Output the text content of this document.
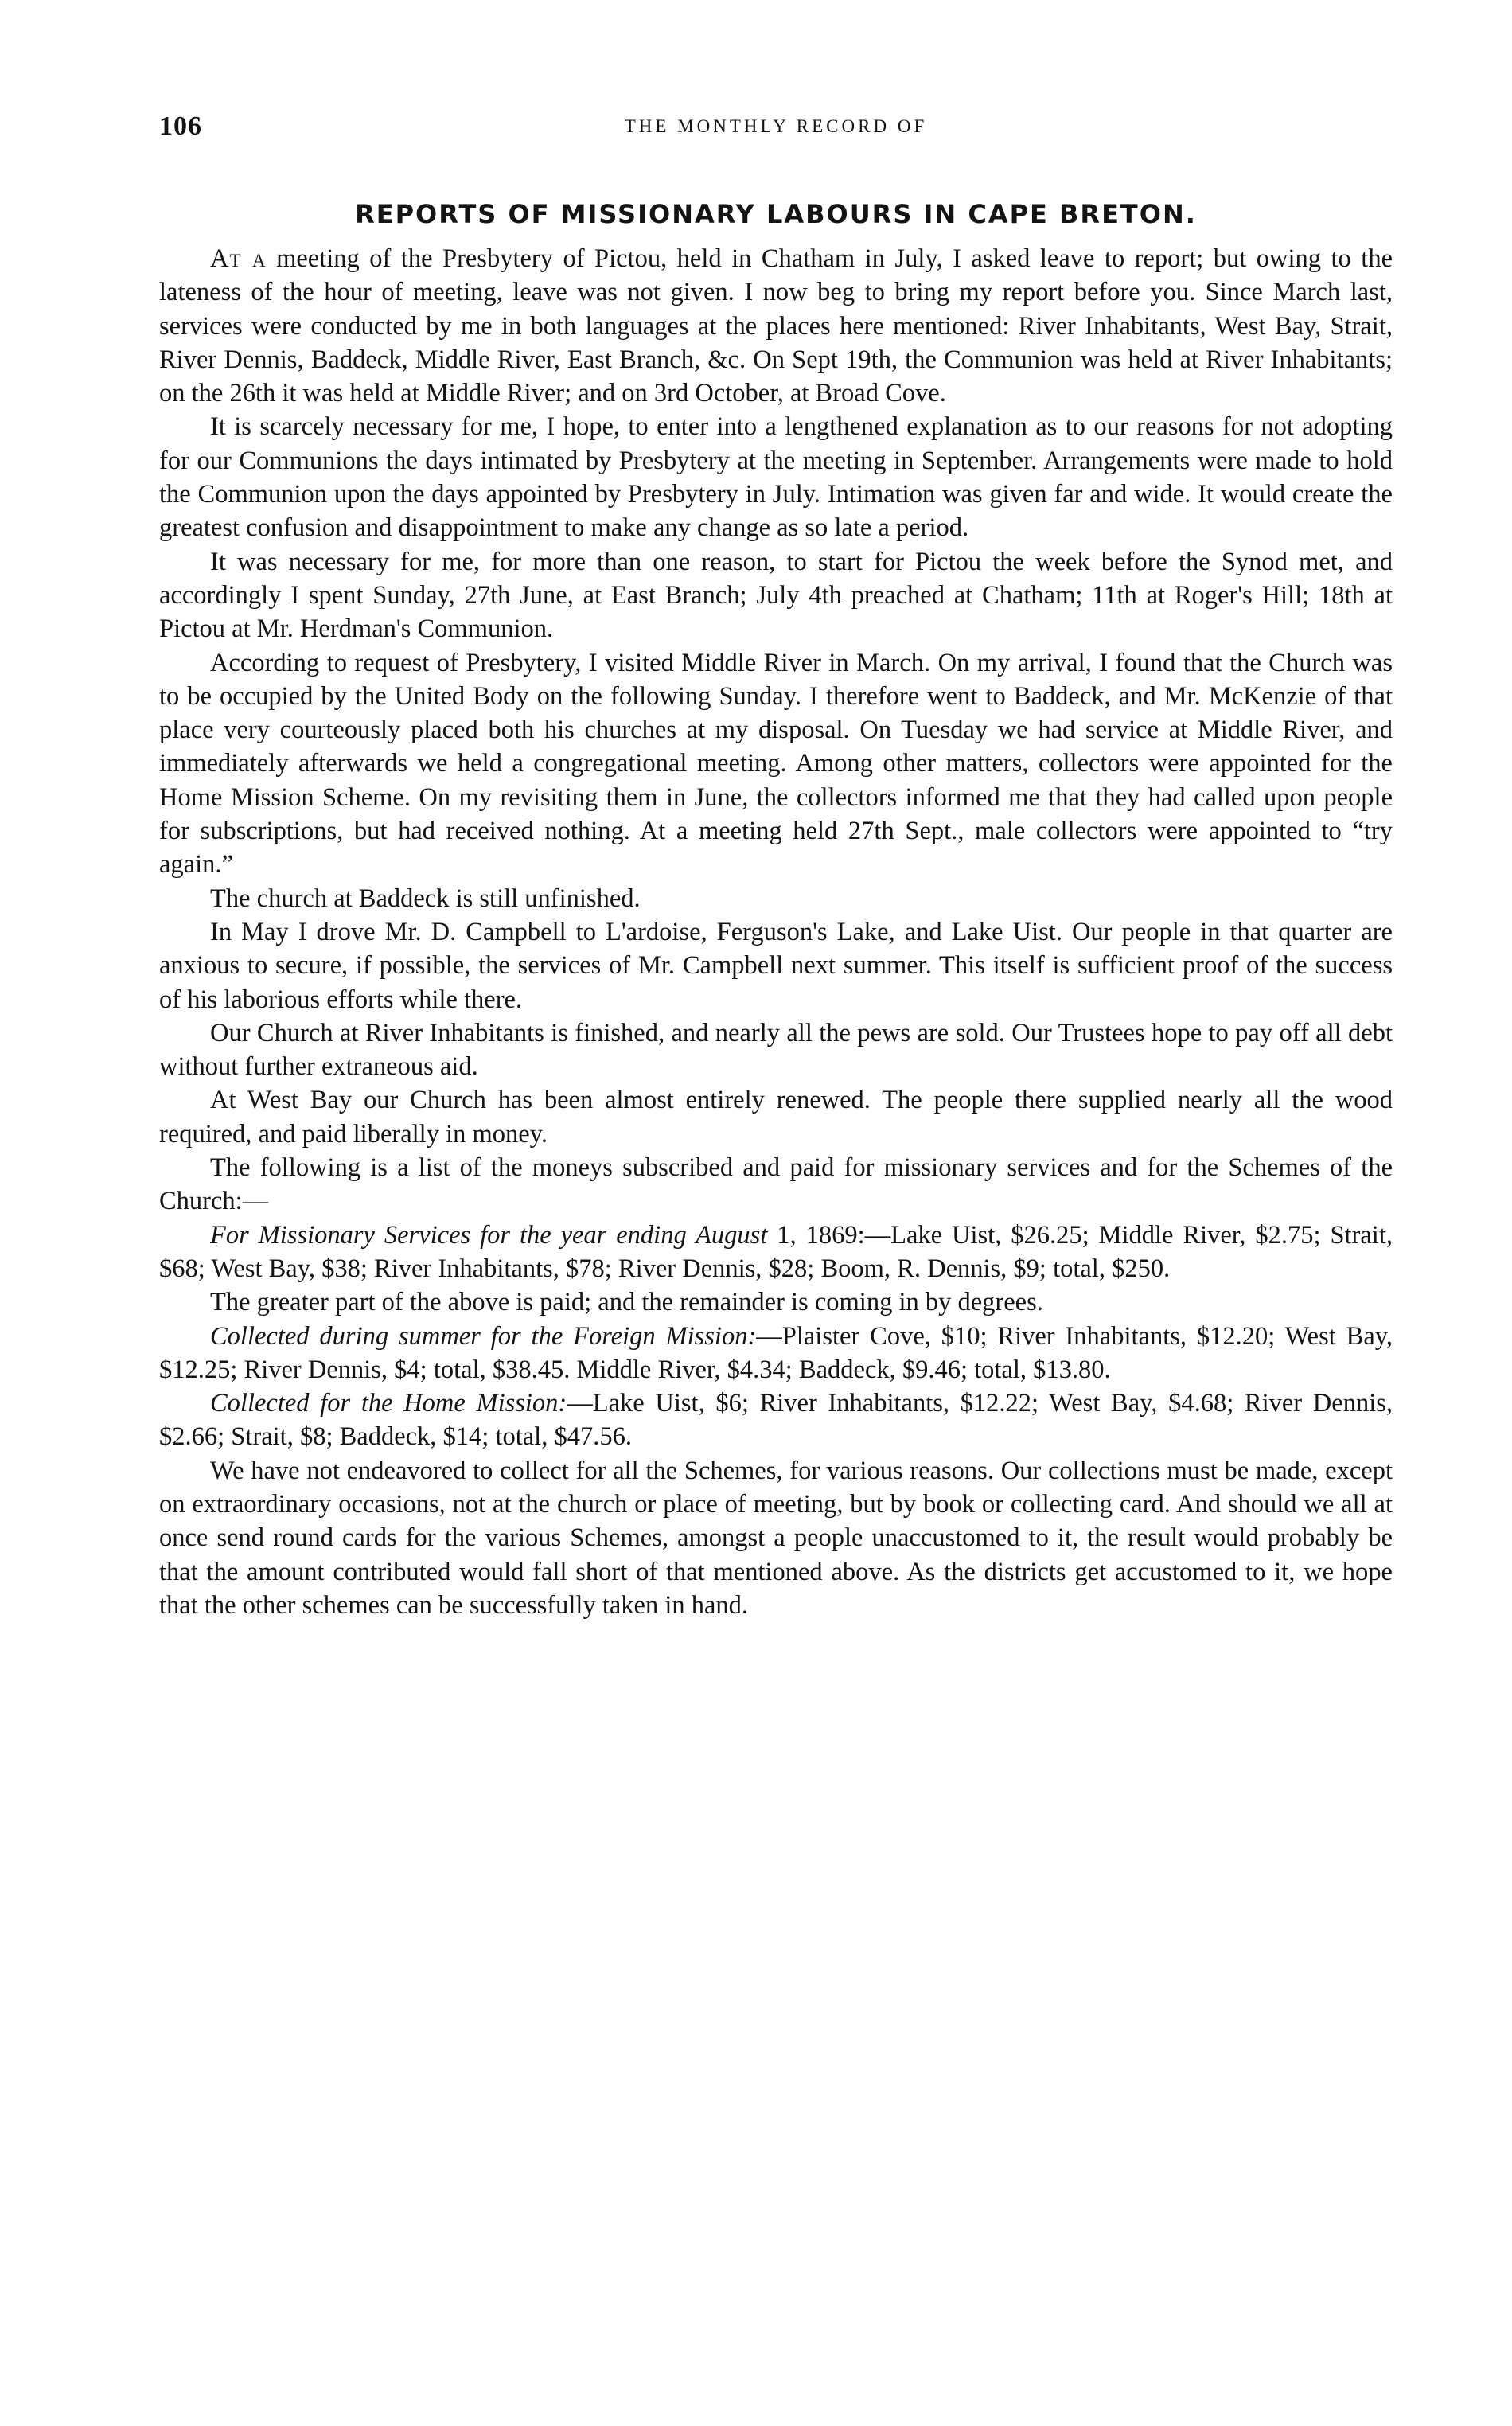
106	THE MONTHLY RECORD OF
REPORTS OF MISSIONARY LABOURS IN CAPE BRETON.

At a meeting of the Presbytery of Pictou, held in Chatham in July, I asked leave to report; but owing to the lateness of the hour of meeting, leave was not given. I now beg to bring my report before you. Since March last, services were conducted by me in both languages at the places here mentioned: River Inhabitants, West Bay, Strait, River Dennis, Baddeck, Middle River, East Branch, &c. On Sept 19th, the Communion was held at River Inhabitants; on the 26th it was held at Middle River; and on 3rd October, at Broad Cove.

It is scarcely necessary for me, I hope, to enter into a lengthened explanation as to our reasons for not adopting for our Communions the days intimated by Presbytery at the meeting in September. Arrangements were made to hold the Communion upon the days appointed by Presbytery in July. Intimation was given far and wide. It would create the greatest confusion and disappointment to make any change as so late a period.

It was necessary for me, for more than one reason, to start for Pictou the week before the Synod met, and accordingly I spent Sunday, 27th June, at East Branch; July 4th preached at Chatham; 11th at Roger's Hill; 18th at Pictou at Mr. Herdman's Communion.

According to request of Presbytery, I visited Middle River in March. On my arrival, I found that the Church was to be occupied by the United Body on the following Sunday. I therefore went to Baddeck, and Mr. McKenzie of that place very courteously placed both his churches at my disposal. On Tuesday we had service at Middle River, and immediately afterwards we held a congregational meeting. Among other matters, collectors were appointed for the Home Mission Scheme. On my revisiting them in June, the collectors informed me that they had called upon people for subscriptions, but had received nothing. At a meeting held 27th Sept., male collectors were appointed to “try again.”

The church at Baddeck is still unfinished.

In May I drove Mr. D. Campbell to L'ardoise, Ferguson's Lake, and Lake Uist. Our people in that quarter are anxious to secure, if possible, the services of Mr. Campbell next summer. This itself is sufficient proof of the success of his laborious efforts while there.

Our Church at River Inhabitants is finished, and nearly all the pews are sold. Our Trustees hope to pay off all debt without further extraneous aid.

At West Bay our Church has been almost entirely renewed. The people there supplied nearly all the wood required, and paid liberally in money.

The following is a list of the moneys subscribed and paid for missionary services and for the Schemes of the Church:—

For Missionary Services for the year ending August 1, 1869:—Lake Uist, $26.25; Middle River, $2.75; Strait, $68; West Bay, $38; River Inhabitants, $78; River Dennis, $28; Boom, R. Dennis, $9; total, $250.

The greater part of the above is paid; and the remainder is coming in by degrees.

Collected during summer for the Foreign Mission:—Plaister Cove, $10; River Inhabitants, $12.20; West Bay, $12.25; River Dennis, $4; total, $38.45. Middle River, $4.34; Baddeck, $9.46; total, $13.80.

Collected for the Home Mission:—Lake Uist, $6; River Inhabitants, $12.22; West Bay, $4.68; River Dennis, $2.66; Strait, $8; Baddeck, $14; total, $47.56.

We have not endeavored to collect for all the Schemes, for various reasons. Our collections must be made, except on extraordinary occasions, not at the church or place of meeting, but by book or collecting card. And should we all at once send round cards for the various Schemes, amongst a people unaccustomed to it, the result would probably be that the amount contributed would fall short of that mentioned above. As the districts get accustomed to it, we hope that the other schemes can be successfully taken in hand.
